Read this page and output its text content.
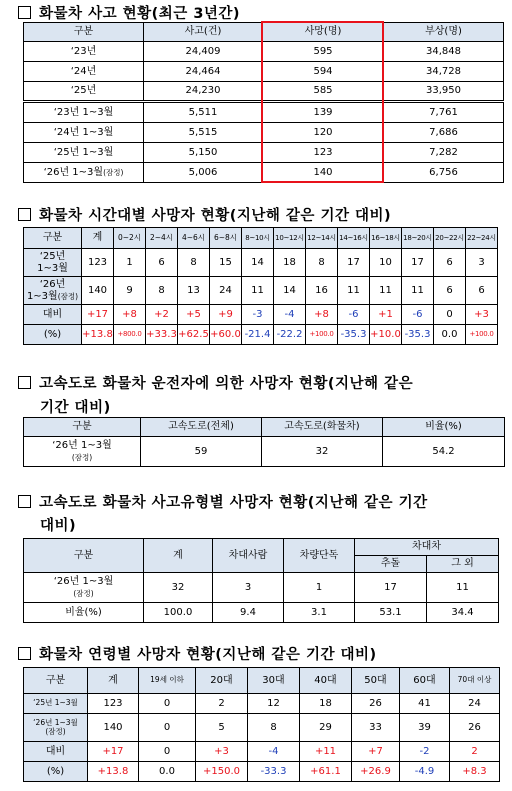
화물차 사고 현황(최근 3년간)
구분	사고(건)	사망(명)	부상(명)
‘23년	24,409	595	34,848
‘24년	24,464	594	34,728
‘25년	24,230	585	33,950
‘23년 1~3월	5,511	139	7,761
‘24년 1~3월	5,515	120	7,686
‘25년 1~3월	5,150	123	7,282
‘26년 1~3월(잠정)	5,006	140	6,756
화물차 시간대별 사망자 현황(지난해 같은 기간 대비)
구분	계	0~2시	2~4시	4~6시	6~8시	8~10시	10~12시	12~14시	14~16시	16~18시	18~20시	20~22시	22~24시
‘25년
1~3월	123	1	6	8	15	14	18	8	17	10	17	6	3
‘26년
1~3월(잠정)	140	9	8	13	24	11	14	16	11	11	11	6	6
대비	+17	+8	+2	+5	+9	-3	-4	+8	-6	+1	-6	0	+3
(%)	+13.8	+800.0	+33.3	+62.5	+60.0	-21.4	-22.2	+100.0	-35.3	+10.0	-35.3	0.0	+100.0
고속도로 화물차 운전자에 의한 사망자 현황(지난해 같은
기간 대비)
구분	고속도로(전체)	고속도로(화물차)	비율(%)
‘26년 1~3월
(잠정)	59	32	54.2
고속도로 화물차 사고유형별 사망자 현황(지난해 같은 기간
대비)
구분	계	차대사람	차량단독	차대차	
				추돌	그 외
‘26년 1~3월
(잠정)	32	3	1	17	11
비율(%)	100.0	9.4	3.1	53.1	34.4
화물차 연령별 사망자 현황(지난해 같은 기간 대비)
구분	계	19세 이하	20대	30대	40대	50대	60대	70대 이상
‘25년 1~3월	123	0	2	12	18	26	41	24
‘26년 1~3월
(잠정)	140	0	5	8	29	33	39	26
대비	+17	0	+3	-4	+11	+7	-2	2
(%)	+13.8	0.0	+150.0	-33.3	+61.1	+26.9	-4.9	+8.3
